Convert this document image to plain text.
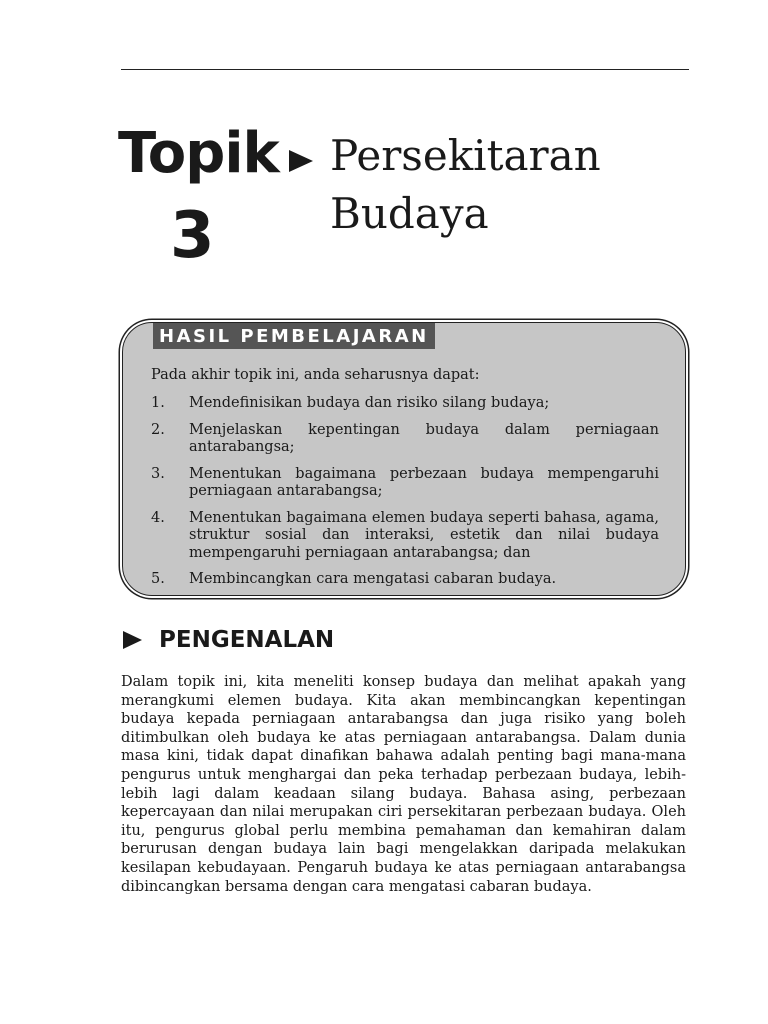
Topik
3
Persekitaran
Budaya
HASIL PEMBELAJARAN
Pada akhir topik ini, anda seharusnya dapat:
1.	Mendefinisikan budaya dan risiko silang budaya;
2.	Menjelaskan kepentingan budaya dalam perniagaan antarabangsa;
3.	Menentukan bagaimana perbezaan budaya mempengaruhi perniagaan antarabangsa;
4.	Menentukan bagaimana elemen budaya seperti bahasa, agama, struktur sosial dan interaksi, estetik dan nilai budaya mempengaruhi perniagaan antarabangsa; dan
5.	Membincangkan cara mengatasi cabaran budaya.
PENGENALAN

Dalam topik ini, kita meneliti konsep budaya dan melihat apakah yang merangkumi elemen budaya. Kita akan membincangkan kepentingan budaya kepada perniagaan antarabangsa dan juga risiko yang boleh ditimbulkan oleh budaya ke atas perniagaan antarabangsa. Dalam dunia masa kini, tidak dapat dinafikan bahawa adalah penting bagi mana-mana pengurus untuk menghargai dan peka terhadap perbezaan budaya, lebih-lebih lagi dalam keadaan silang budaya. Bahasa asing, perbezaan kepercayaan dan nilai merupakan ciri persekitaran perbezaan budaya. Oleh itu, pengurus global perlu membina pemahaman dan kemahiran dalam berurusan dengan budaya lain bagi mengelakkan daripada melakukan kesilapan kebudayaan. Pengaruh budaya ke atas perniagaan antarabangsa dibincangkan bersama dengan cara mengatasi cabaran budaya.
